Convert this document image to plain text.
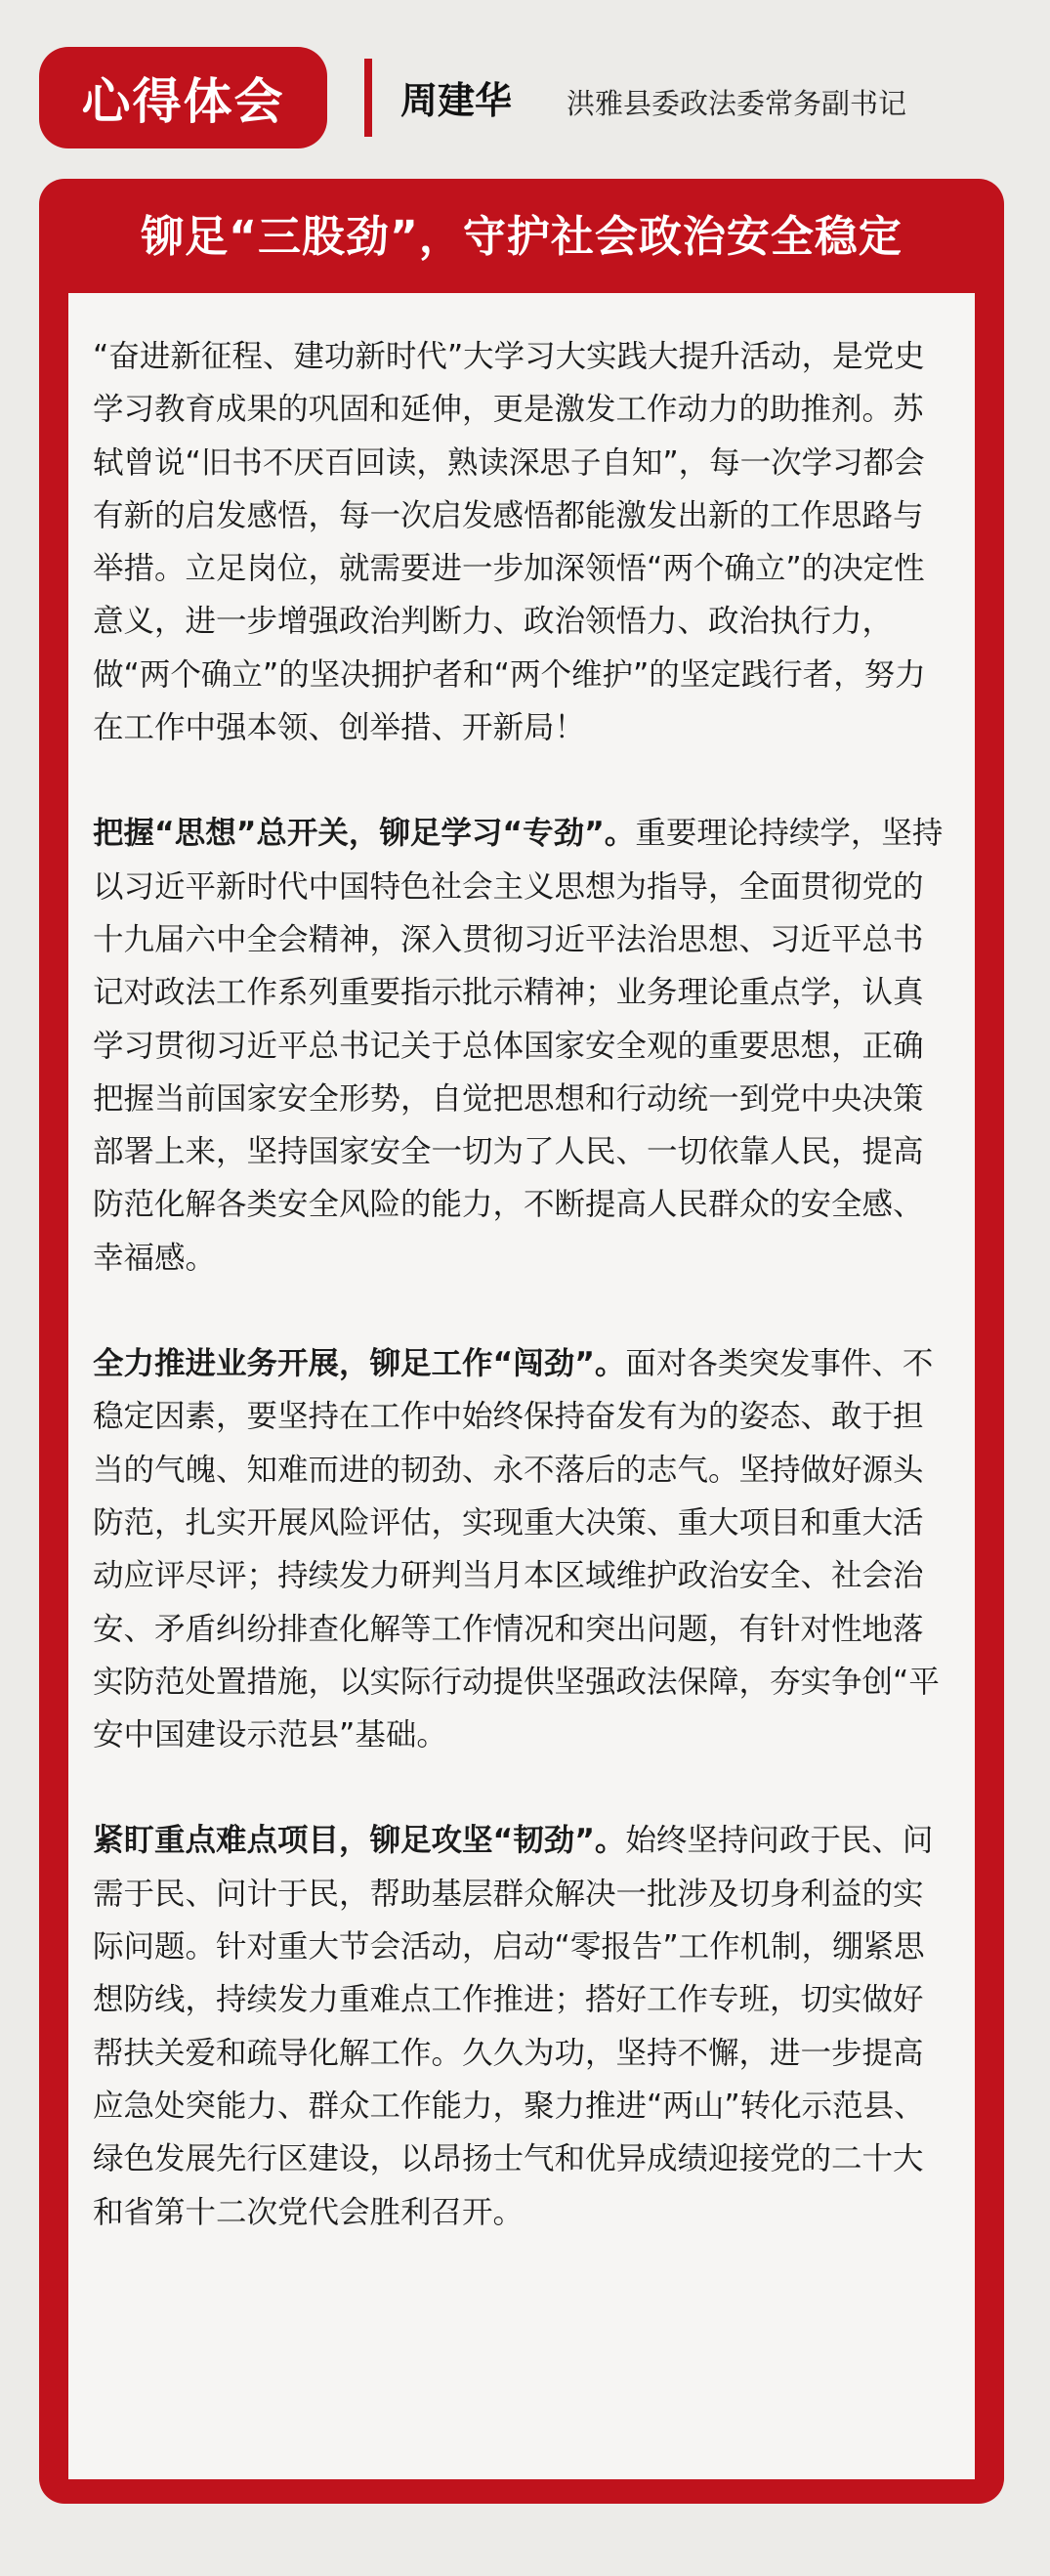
心得体会	周建华 洪雅县委政法委常务副书记
铆足“三股劲”，守护社会政治安全稳定

“奋进新征程、建功新时代”大学习大实践大提升活动，是党史学习教育成果的巩固和延伸，更是激发工作动力的助推剂。苏轼曾说“旧书不厌百回读，熟读深思子自知”，每一次学习都会有新的启发感悟，每一次启发感悟都能激发出新的工作思路与举措。立足岗位，就需要进一步加深领悟“两个确立”的决定性意义，进一步增强政治判断力、政治领悟力、政治执行力，做“两个确立”的坚决拥护者和“两个维护”的坚定践行者，努力在工作中强本领、创举措、开新局！

把握“思想”总开关，铆足学习“专劲”。重要理论持续学，坚持以习近平新时代中国特色社会主义思想为指导，全面贯彻党的十九届六中全会精神，深入贯彻习近平法治思想、习近平总书记对政法工作系列重要指示批示精神；业务理论重点学，认真学习贯彻习近平总书记关于总体国家安全观的重要思想，正确把握当前国家安全形势，自觉把思想和行动统一到党中央决策部署上来，坚持国家安全一切为了人民、一切依靠人民，提高防范化解各类安全风险的能力，不断提高人民群众的安全感、幸福感。

全力推进业务开展，铆足工作“闯劲”。面对各类突发事件、不稳定因素，要坚持在工作中始终保持奋发有为的姿态、敢于担当的气魄、知难而进的韧劲、永不落后的志气。坚持做好源头防范，扎实开展风险评估，实现重大决策、重大项目和重大活动应评尽评；持续发力研判当月本区域维护政治安全、社会治安、矛盾纠纷排查化解等工作情况和突出问题，有针对性地落实防范处置措施，以实际行动提供坚强政法保障，夯实争创“平安中国建设示范县”基础。

紧盯重点难点项目，铆足攻坚“韧劲”。始终坚持问政于民、问需于民、问计于民，帮助基层群众解决一批涉及切身利益的实际问题。针对重大节会活动，启动“零报告”工作机制，绷紧思想防线，持续发力重难点工作推进；搭好工作专班，切实做好帮扶关爱和疏导化解工作。久久为功，坚持不懈，进一步提高应急处突能力、群众工作能力，聚力推进“两山”转化示范县、绿色发展先行区建设，以昂扬士气和优异成绩迎接党的二十大和省第十二次党代会胜利召开。
